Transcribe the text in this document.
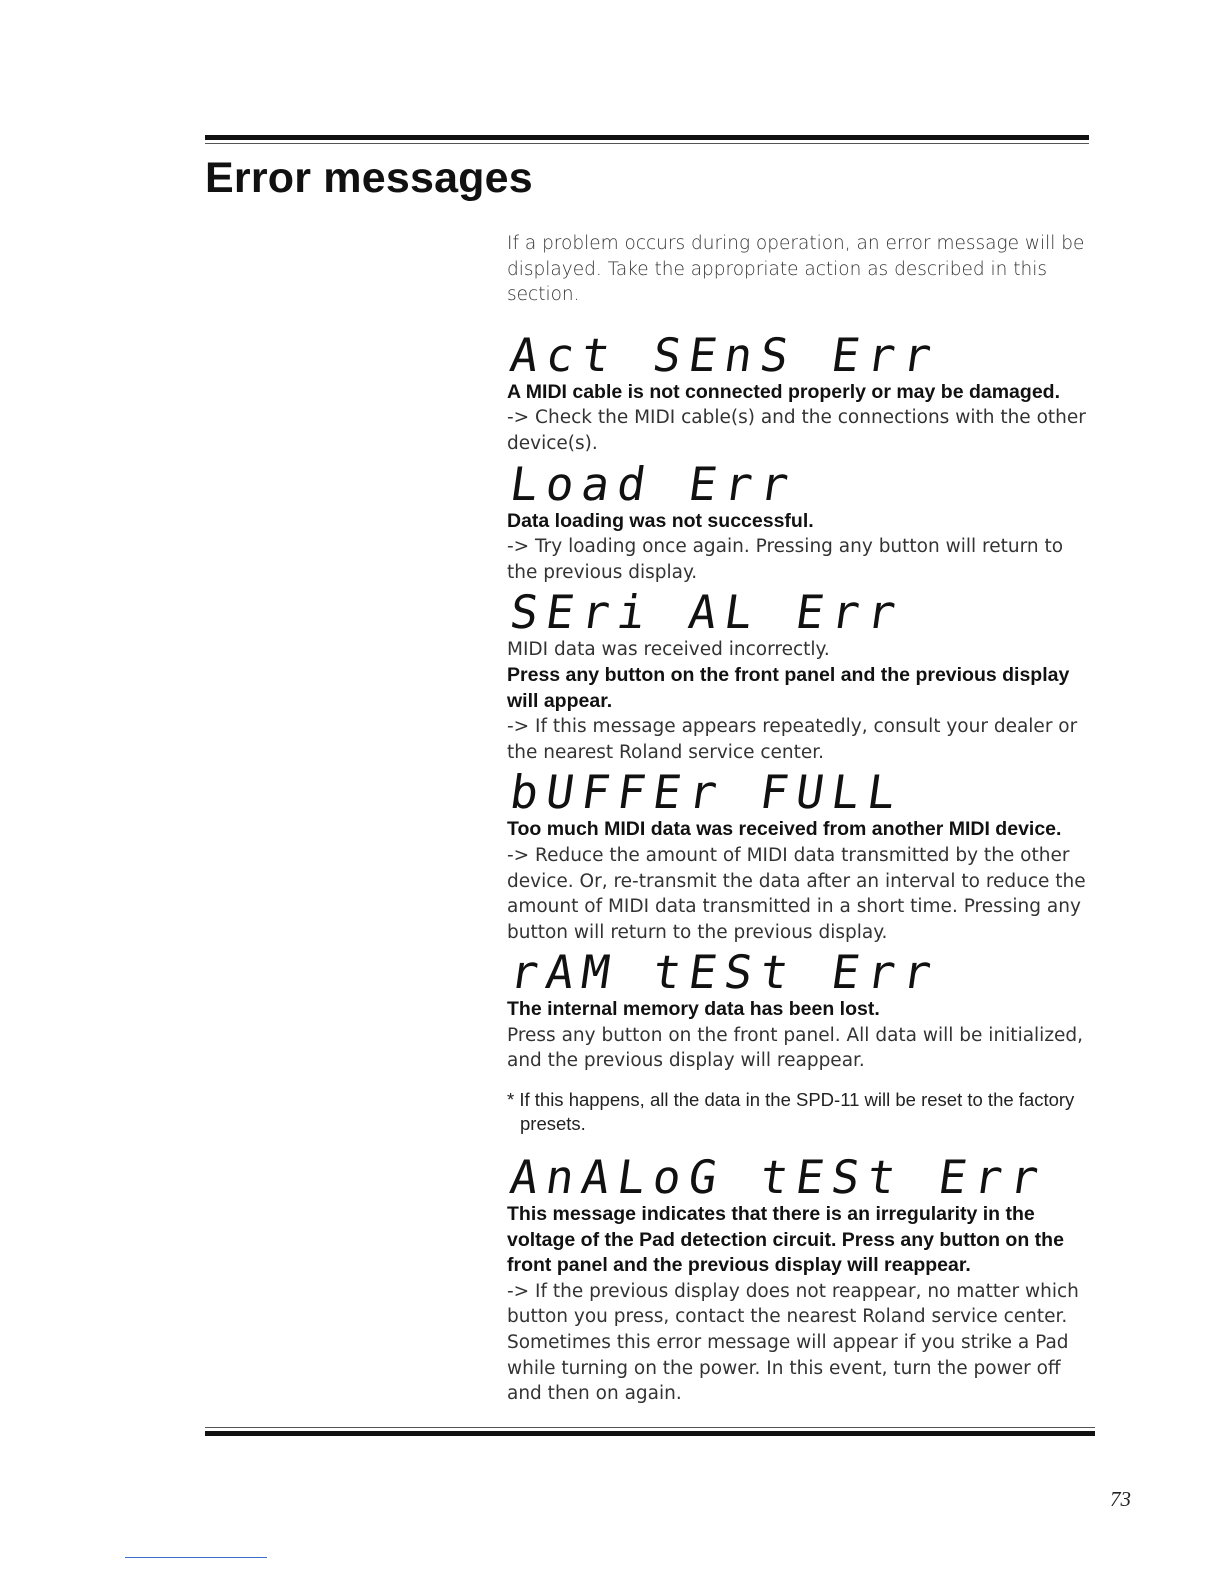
Error messages

If a problem occurs during operation, an error message will be displayed. Take the appropriate action as described in this section.

Act SEnS Err

A MIDI cable is not connected properly or may be damaged.

-> Check the MIDI cable(s) and the connections with the other device(s).

Load Err

Data loading was not successful.

-> Try loading once again. Pressing any button will return to the previous display.

SEri AL Err

MIDI data was received incorrectly.

Press any button on the front panel and the previous display will appear.

-> If this message appears repeatedly, consult your dealer or the nearest Roland service center.

bUFFEr FULL

Too much MIDI data was received from another MIDI device.

-> Reduce the amount of MIDI data transmitted by the other device. Or, re-transmit the data after an interval to reduce the amount of MIDI data transmitted in a short time. Pressing any button will return to the previous display.

rAM tESt Err

The internal memory data has been lost.

Press any button on the front panel. All data will be initialized, and the previous display will reappear.

* If this happens, all the data in the SPD-11 will be reset to the factory presets.

AnALoG tESt Err

This message indicates that there is an irregularity in the voltage of the Pad detection circuit. Press any button on the front panel and the previous display will reappear.

-> If the previous display does not reappear, no matter which button you press, contact the nearest Roland service center. Sometimes this error message will appear if you strike a Pad while turning on the power. In this event, turn the power off and then on again.

73
